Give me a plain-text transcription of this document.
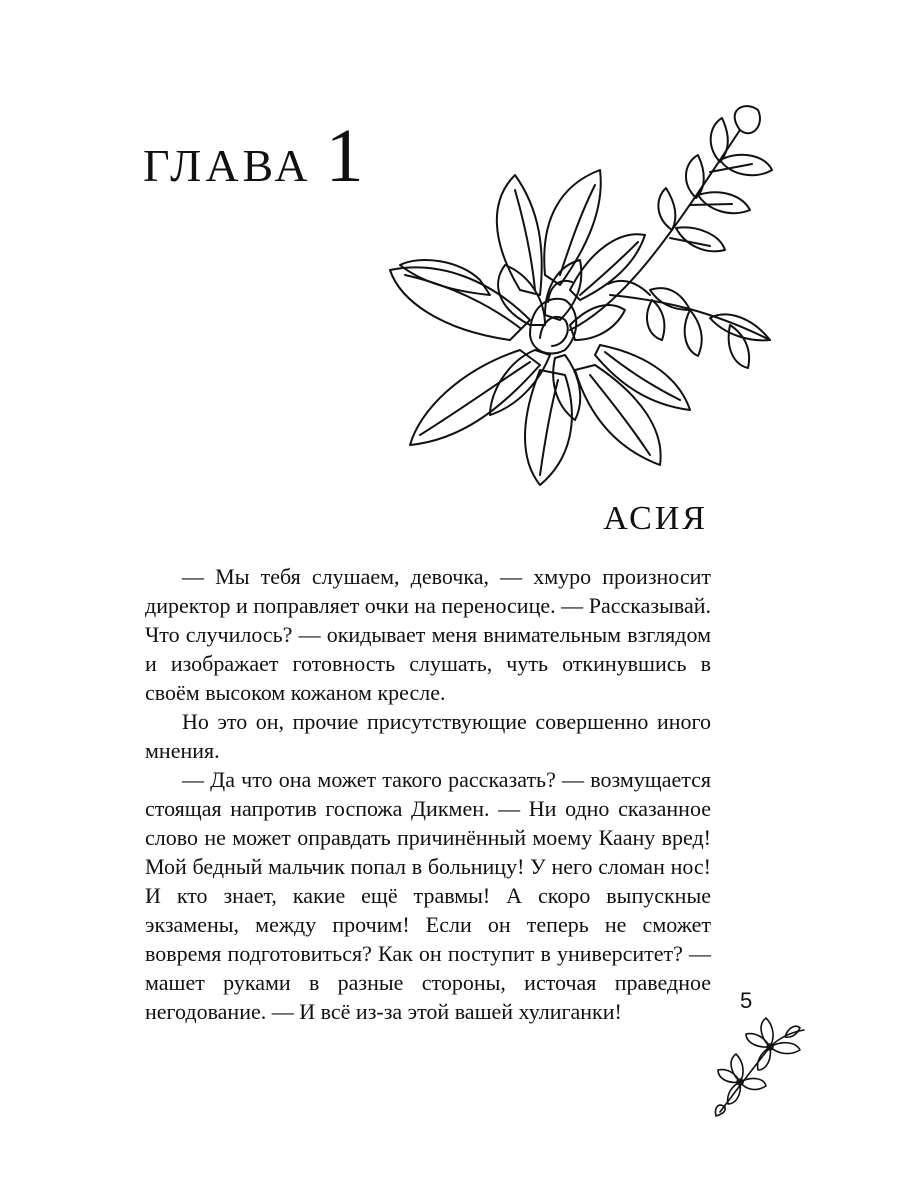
ГЛАВА 1
АСИЯ

— Мы тебя слушаем, девочка, — хмуро произносит директор и поправляет очки на переносице. — Рассказывай. Что случилось? — окидывает меня внимательным взглядом и изображает готовность слушать, чуть откинувшись в своём высоком кожаном кресле.

Но это он, прочие присутствующие совершенно иного мнения.

— Да что она может такого рассказать? — возмущается стоящая напротив госпожа Дикмен. — Ни одно сказанное слово не может оправдать причинённый моему Каану вред! Мой бедный мальчик попал в больницу! У него сломан нос! И кто знает, какие ещё травмы! А скоро выпускные экзамены, между прочим! Если он теперь не сможет вовремя подготовиться? Как он поступит в университет? — машет руками в разные стороны, источая праведное негодование. — И всё из-за этой вашей хулиганки!	5
